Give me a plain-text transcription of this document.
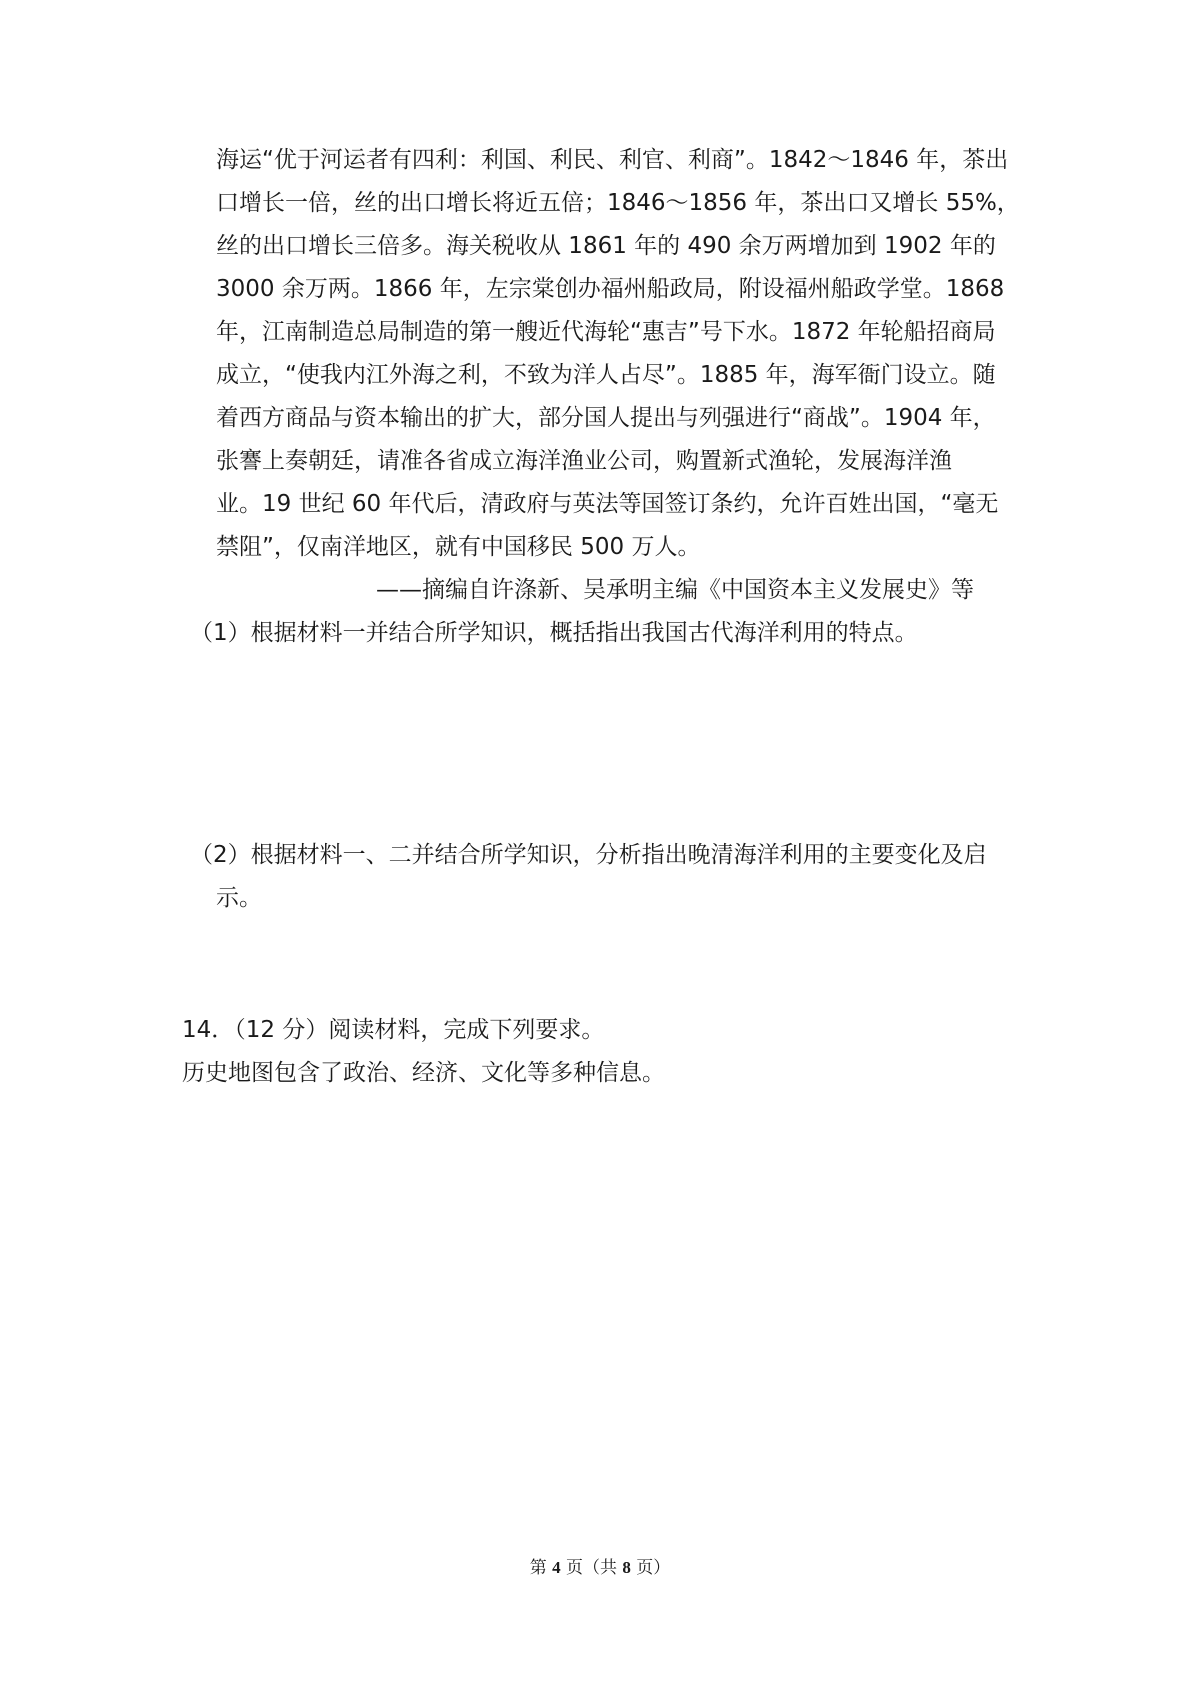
海运“优于河运者有四利：利国、利民、利官、利商”。1842～1846 年，茶出
口增长一倍，丝的出口增长将近五倍；1846～1856 年，茶出口又增长 55%，
丝的出口增长三倍多。海关税收从 1861 年的 490 余万两增加到 1902 年的
3000 余万两。1866 年，左宗棠创办福州船政局，附设福州船政学堂。1868
年，江南制造总局制造的第一艘近代海轮“惠吉”号下水。1872 年轮船招商局
成立，“使我内江外海之利，不致为洋人占尽”。1885 年，海军衙门设立。随
着西方商品与资本输出的扩大，部分国人提出与列强进行“商战”。1904 年，
张謇上奏朝廷，请准各省成立海洋渔业公司，购置新式渔轮，发展海洋渔
业。19 世纪 60 年代后，清政府与英法等国签订条约，允许百姓出国，“毫无
禁阻”，仅南洋地区，就有中国移民 500 万人。
——摘编自许涤新、吴承明主编《中国资本主义发展史》等
（1）根据材料一并结合所学知识，概括指出我国古代海洋利用的特点。
（2）根据材料一、二并结合所学知识，分析指出晚清海洋利用的主要变化及启
示。
14．（12 分）阅读材料，完成下列要求。
历史地图包含了政治、经济、文化等多种信息。
第 4 页（共 8 页）
